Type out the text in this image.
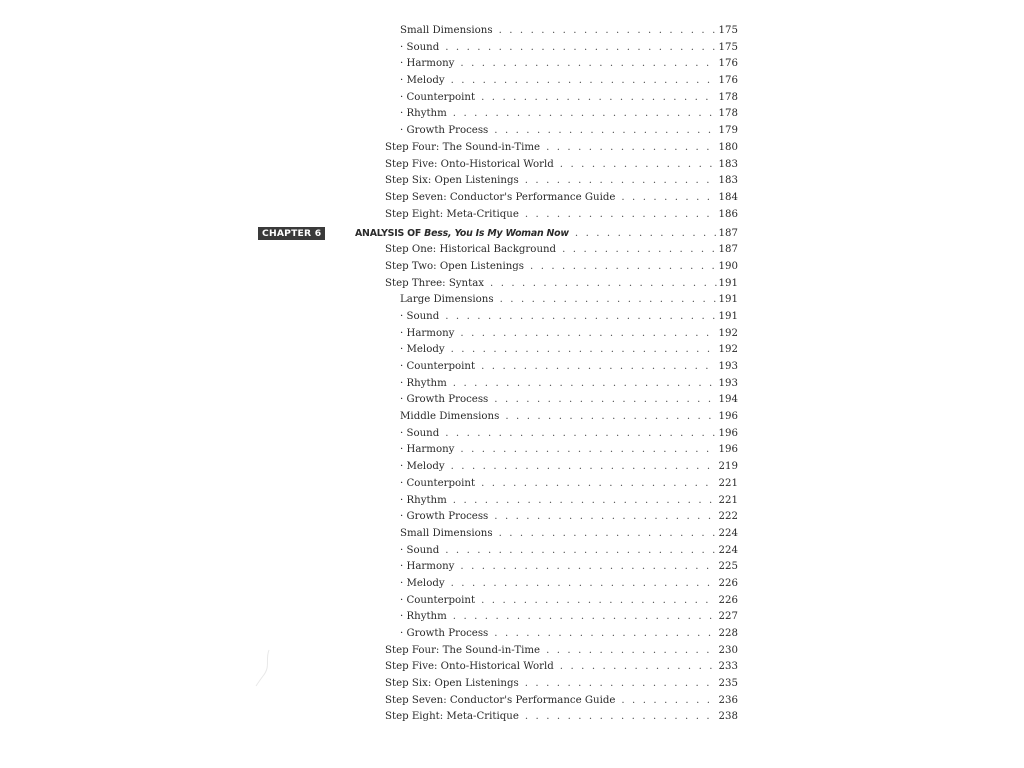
Small Dimensions . . .	175
· Sound . . .	175
· Harmony . . .	176
· Melody . . .	176
· Counterpoint . . .	178
· Rhythm . . .	178
· Growth Process . . .	179
Step Four: The Sound-in-Time . . .	180
Step Five: Onto-Historical World . . .	183
Step Six: Open Listenings . . .	183
Step Seven: Conductor's Performance Guide . . .	184
Step Eight: Meta-Critique . . .	186
CHAPTER 6	ANALYSIS OF Bess, You Is My Woman Now . . .	187
Step One: Historical Background . . .	187
Step Two: Open Listenings . . .	190
Step Three: Syntax . . .	191
Large Dimensions . . .	191
· Sound . . .	191
· Harmony . . .	192
· Melody . . .	192
· Counterpoint . . .	193
· Rhythm . . .	193
· Growth Process . . .	194
Middle Dimensions . . .	196
· Sound . . .	196
· Harmony . . .	196
· Melody . . .	219
· Counterpoint . . .	221
· Rhythm . . .	221
· Growth Process . . .	222
Small Dimensions . . .	224
· Sound . . .	224
· Harmony . . .	225
· Melody . . .	226
· Counterpoint . . .	226
· Rhythm . . .	227
· Growth Process . . .	228
Step Four: The Sound-in-Time . . .	230
Step Five: Onto-Historical World . . .	233
Step Six: Open Listenings . . .	235
Step Seven: Conductor's Performance Guide . . .	236
Step Eight: Meta-Critique . . .	238
